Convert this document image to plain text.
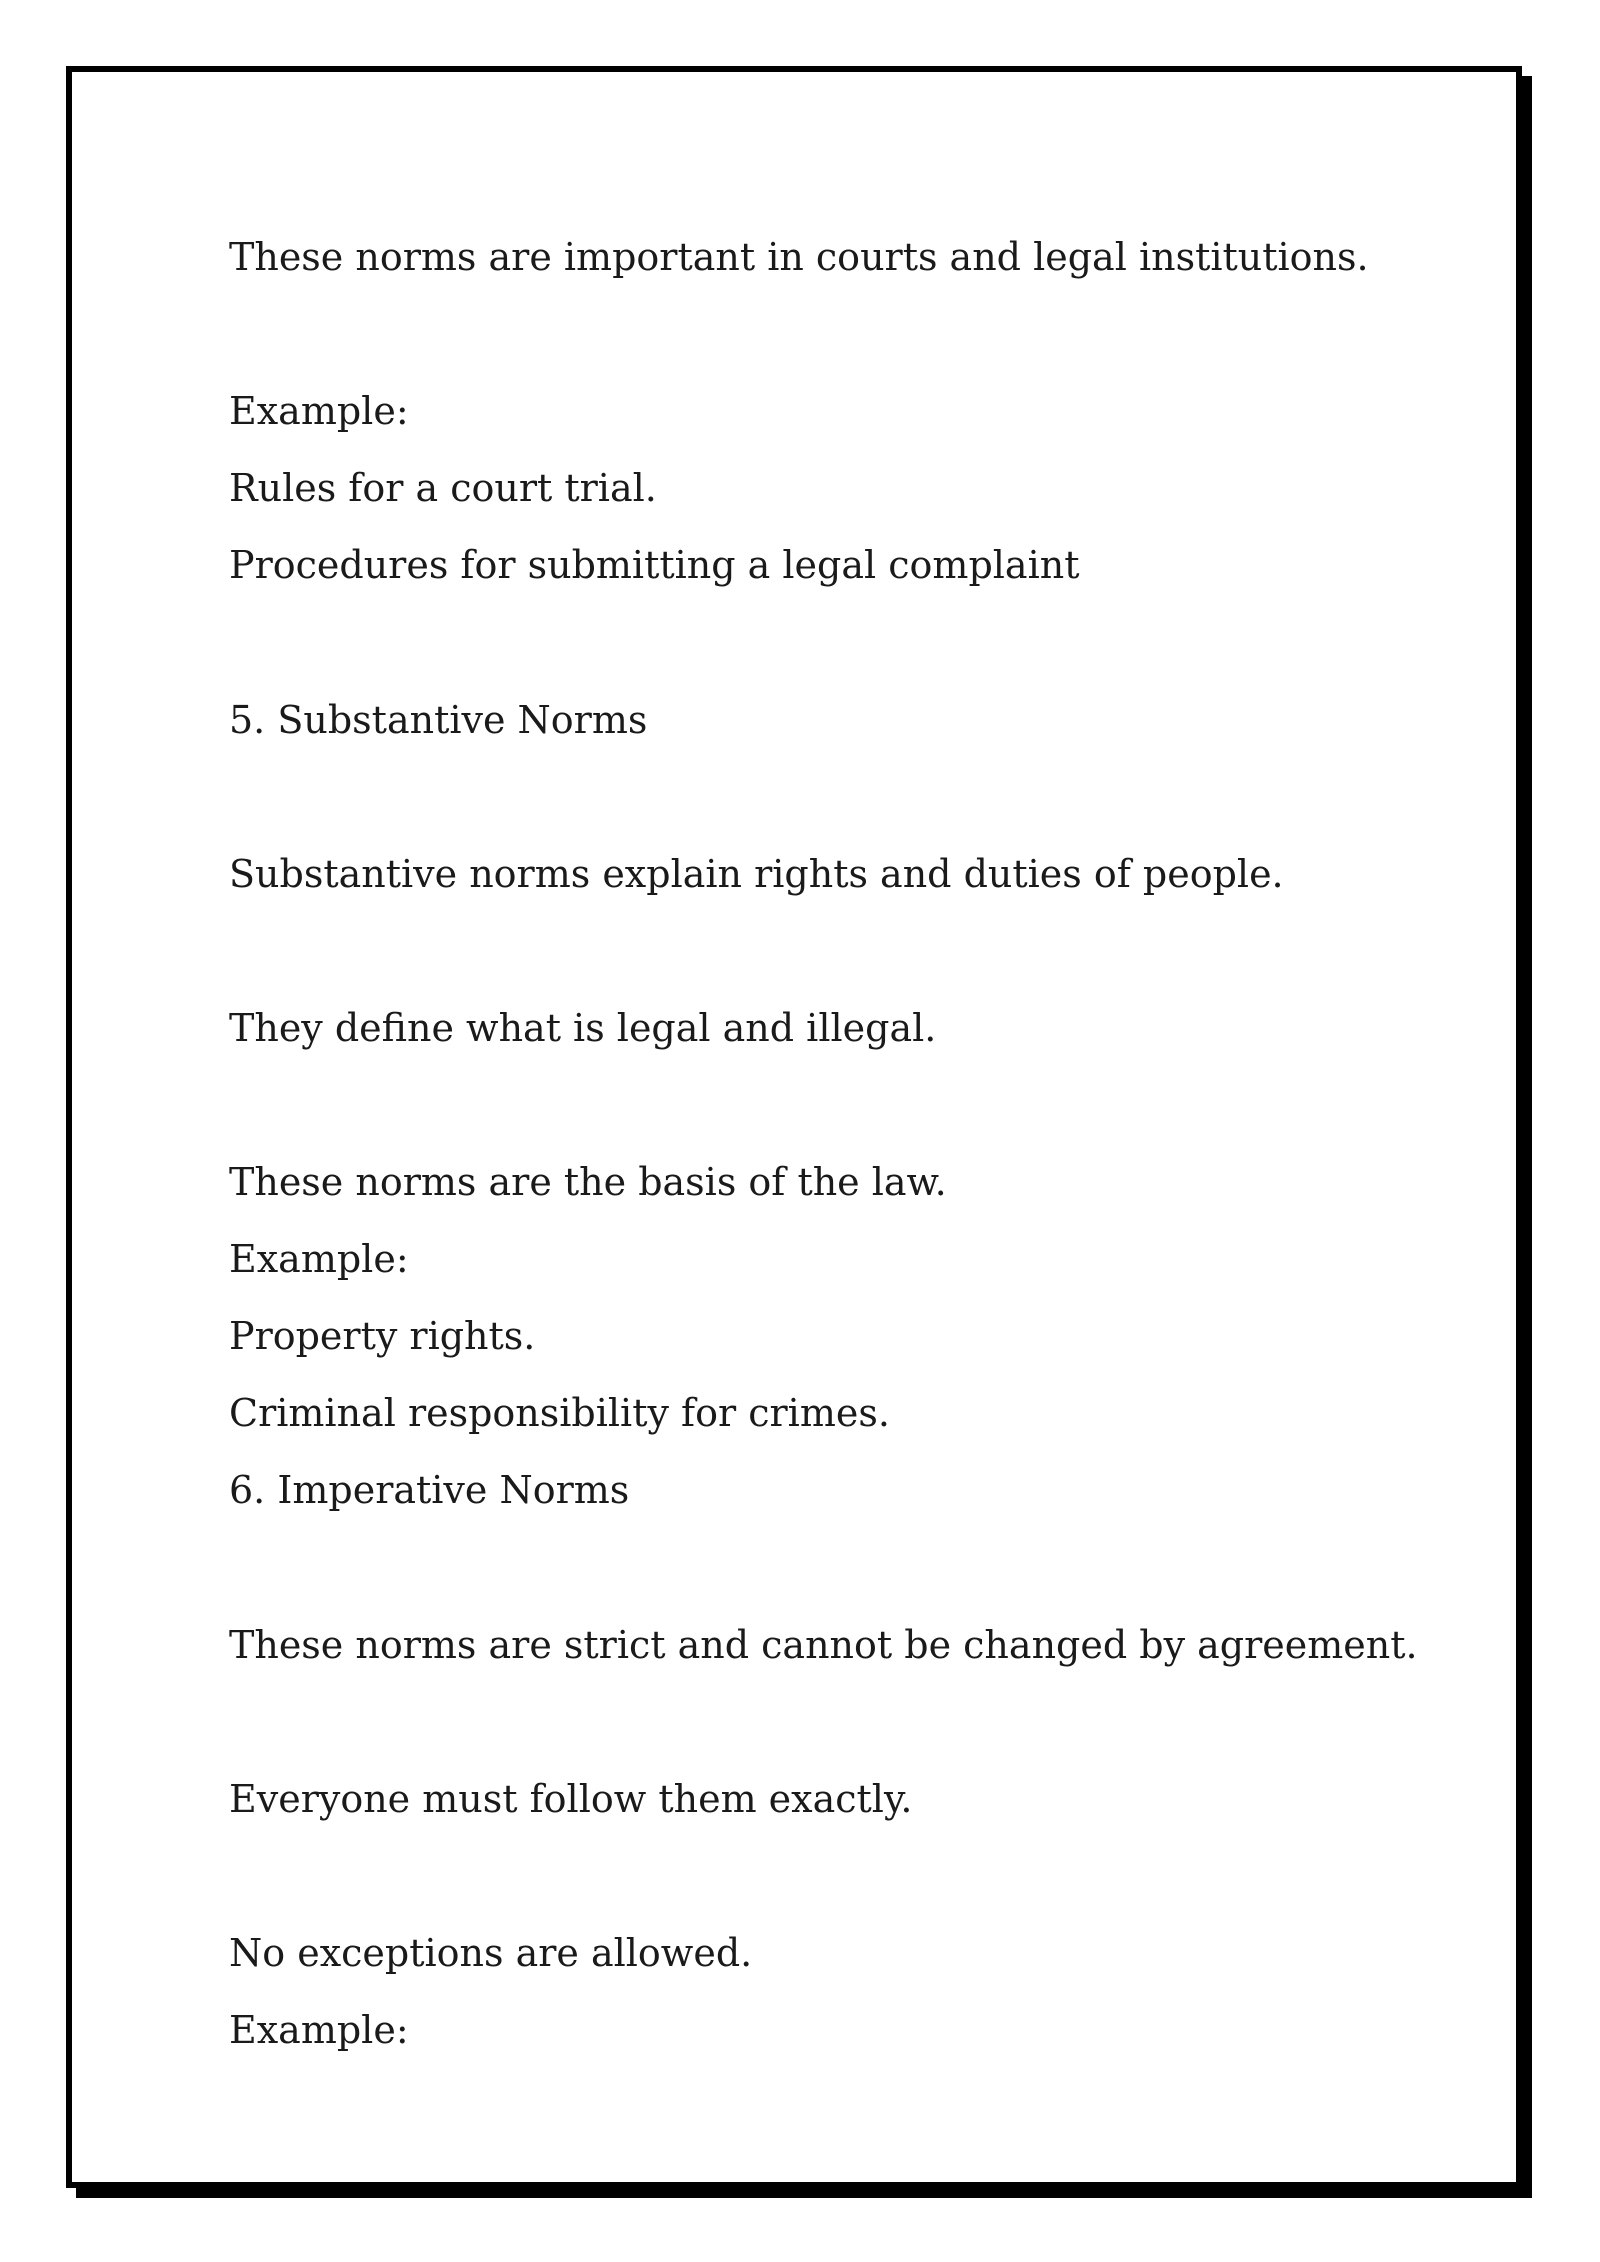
These norms are important in courts and legal institutions.

Example:

Rules for a court trial.

Procedures for submitting a legal complaint

5. Substantive Norms

Substantive norms explain rights and duties of people.

They define what is legal and illegal.

These norms are the basis of the law.

Example:

Property rights.

Criminal responsibility for crimes.

6. Imperative Norms

These norms are strict and cannot be changed by agreement.

Everyone must follow them exactly.

No exceptions are allowed.

Example:
